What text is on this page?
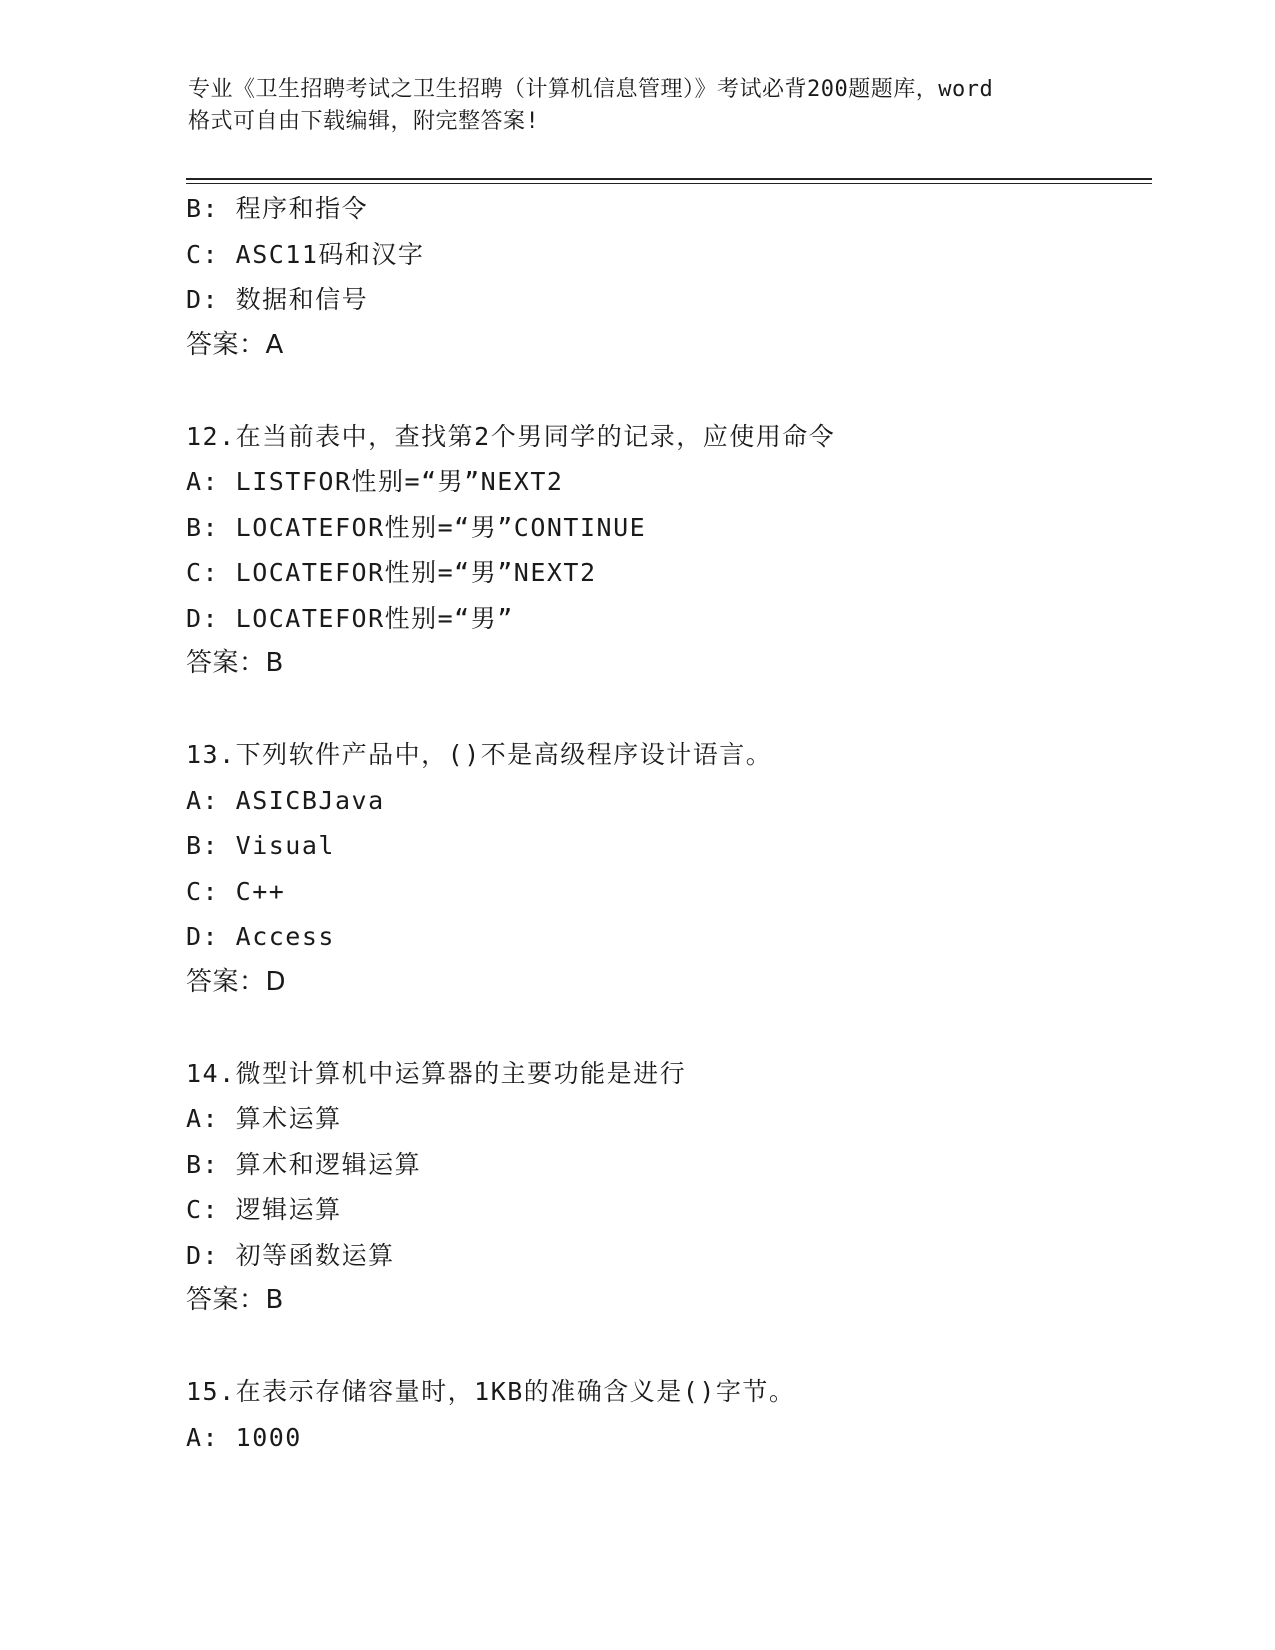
专业《卫生招聘考试之卫生招聘（计算机信息管理）》考试必背200题题库，word
格式可自由下载编辑，附完整答案!
B: 程序和指令
C: ASC11码和汉字
D: 数据和信号
答案：A
12.在当前表中，查找第2个男同学的记录，应使用命令
A: LISTFOR性别=“男”NEXT2
B: LOCATEFOR性别=“男”CONTINUE
C: LOCATEFOR性别=“男”NEXT2
D: LOCATEFOR性别=“男”
答案：B
13.下列软件产品中，()不是高级程序设计语言。
A: ASICBJava
B: Visual
C: C++
D: Access
答案：D
14.微型计算机中运算器的主要功能是进行
A: 算术运算
B: 算术和逻辑运算
C: 逻辑运算
D: 初等函数运算
答案：B
15.在表示存储容量时，1KB的准确含义是()字节。
A: 1000
